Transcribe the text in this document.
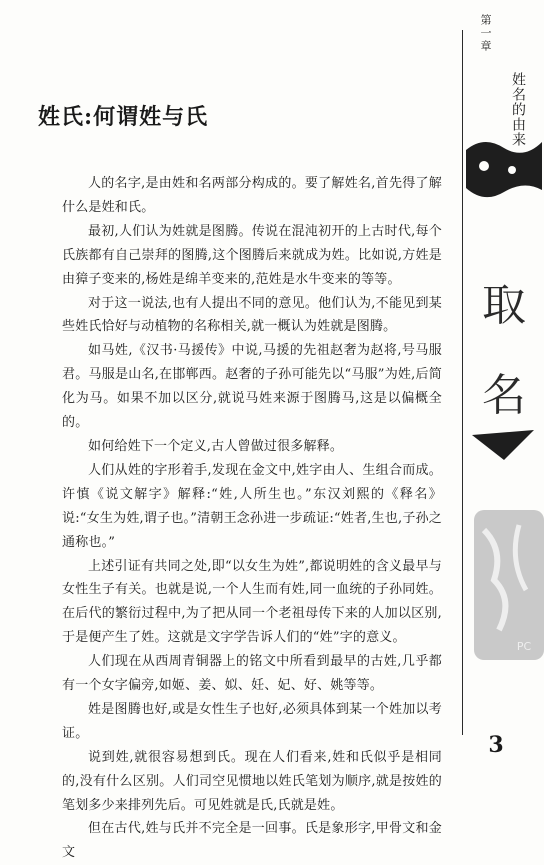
第一章
姓名的由来
取
名
PC
姓氏:何谓姓与氏

人的名字,是由姓和名两部分构成的。要了解姓名,首先得了解什么是姓和氏。

最初,人们认为姓就是图腾。传说在混沌初开的上古时代,每个氏族都有自己崇拜的图腾,这个图腾后来就成为姓。比如说,方姓是由獐子变来的,杨姓是绵羊变来的,范姓是水牛变来的等等。

对于这一说法,也有人提出不同的意见。他们认为,不能见到某些姓氏恰好与动植物的名称相关,就一概认为姓就是图腾。

如马姓,《汉书·马援传》中说,马援的先祖赵奢为赵将,号马服君。马服是山名,在邯郸西。赵奢的子孙可能先以“马服”为姓,后简化为马。如果不加以区分,就说马姓来源于图腾马,这是以偏概全的。

如何给姓下一个定义,古人曾做过很多解释。

人们从姓的字形着手,发现在金文中,姓字由人、生组合而成。许慎《说文解字》解释:“姓,人所生也。”东汉刘熙的《释名》说:“女生为姓,谓子也。”清朝王念孙进一步疏证:“姓者,生也,子孙之通称也。”

上述引证有共同之处,即“以女生为姓”,都说明姓的含义最早与女性生子有关。也就是说,一个人生而有姓,同一血统的子孙同姓。在后代的繁衍过程中,为了把从同一个老祖母传下来的人加以区别,于是便产生了姓。这就是文字学告诉人们的“姓”字的意义。

人们现在从西周青铜器上的铭文中所看到最早的古姓,几乎都有一个女字偏旁,如姬、姜、姒、妊、妃、好、姚等等。

姓是图腾也好,或是女性生子也好,必须具体到某一个姓加以考证。

说到姓,就很容易想到氏。现在人们看来,姓和氏似乎是相同的,没有什么区别。人们司空见惯地以姓氏笔划为顺序,就是按姓的笔划多少来排列先后。可见姓就是氏,氏就是姓。

但在古代,姓与氏并不完全是一回事。氏是象形字,甲骨文和金文

3
